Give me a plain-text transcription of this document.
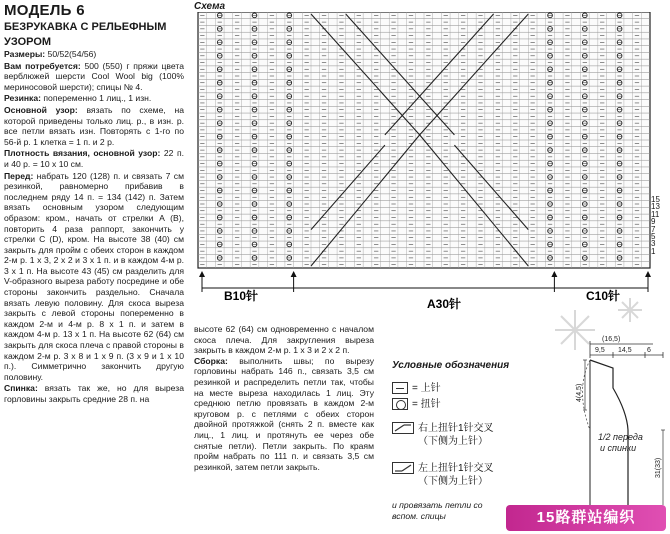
МОДЕЛЬ 6
БЕЗРУКАВКА С РЕЛЬЕФНЫМ
УЗОРОМ

Размеры: 50/52(54/56)

Вам потребуется: 500 (550) г пряжи цвета верблюжей шерсти Cool Wool big (100% мериносовой шерсти); спицы № 4.

Резинка: попеременно 1 лиц., 1 изн.

Основной узор: вязать по схеме, на которой приведены только лиц. р., в изн. р. все петли вязать изн. Повторять с 1-го по 56-й р. 1 клетка = 1 п. и 2 р.

Плотность вязания, основной узор: 22 п. и 40 р. = 10 х 10 см.

Перед: набрать 120 (128) п. и связать 7 см резинкой, равномерно прибавив в последнем ряду 14 п. = 134 (142) п. Затем вязать основным узором следующим образом: кром., начать от стрелки A (B), повторить 4 раза раппорт, закончить у стрелки C (D), кром. На высоте 38 (40) см закрыть для пройм с обеих сторон в каждом 2-м р. 1 х 3, 2 х 2 и 3 х 1 п. и в каждом 4-м р. 3 х 1 п. На высоте 43 (45) см разделить для V-образного выреза работу посредине и обе стороны закончить раздельно. Сначала вязать левую половину. Для скоса выреза закрыть с левой стороны попеременно в каждом 2-м и 4-м р. 8 х 1 п. и затем в каждом 4-м р. 13 х 1 п. На высоте 62 (64) см закрыть для скоса плеча с правой стороны в каждом 2-м р. 3 х 8 и 1 х 9 п. (3 х 9 и 1 х 10 п.). Симметрично закончить другую половину.

Спинка: вязать так же, но для выреза горловины закрыть средние 28 п. на

Схема
B10针
A30针
C10针
15
13
11
9
7
5
3
1

высоте 62 (64) см одновременно с началом скоса плеча. Для закругления выреза закрыть в каждом 2-м р. 1 х 3 и 2 х 2 п.

Сборка: выполнить швы; по вырезу горловины набрать 146 п., связать 3,5 см резинкой и распределить петли так, чтобы на месте выреза находилась 1 лиц. Эту среднюю петлю провязать в каждом 2-м круговом р. с петлями с обеих сторон двойной протяжкой (снять 2 п. вместе как лиц., 1 лиц. и протянуть ее через обе снятые петли). Петли закрыть. По краям пройм набрать по 111 п. и связать 3,5 см резинкой, затем петли закрыть.

Условные обозначения
= 上针
= 扭针
右上扭针1针交叉
（下侧为上针）
左上扭针1针交叉
（下侧为上针）
и провязать петли со вспом. спицы
(16,5)
9,5 14,5 6
1/2 переда
и спинки
4(4,5)
31(33)
15路群站编织
